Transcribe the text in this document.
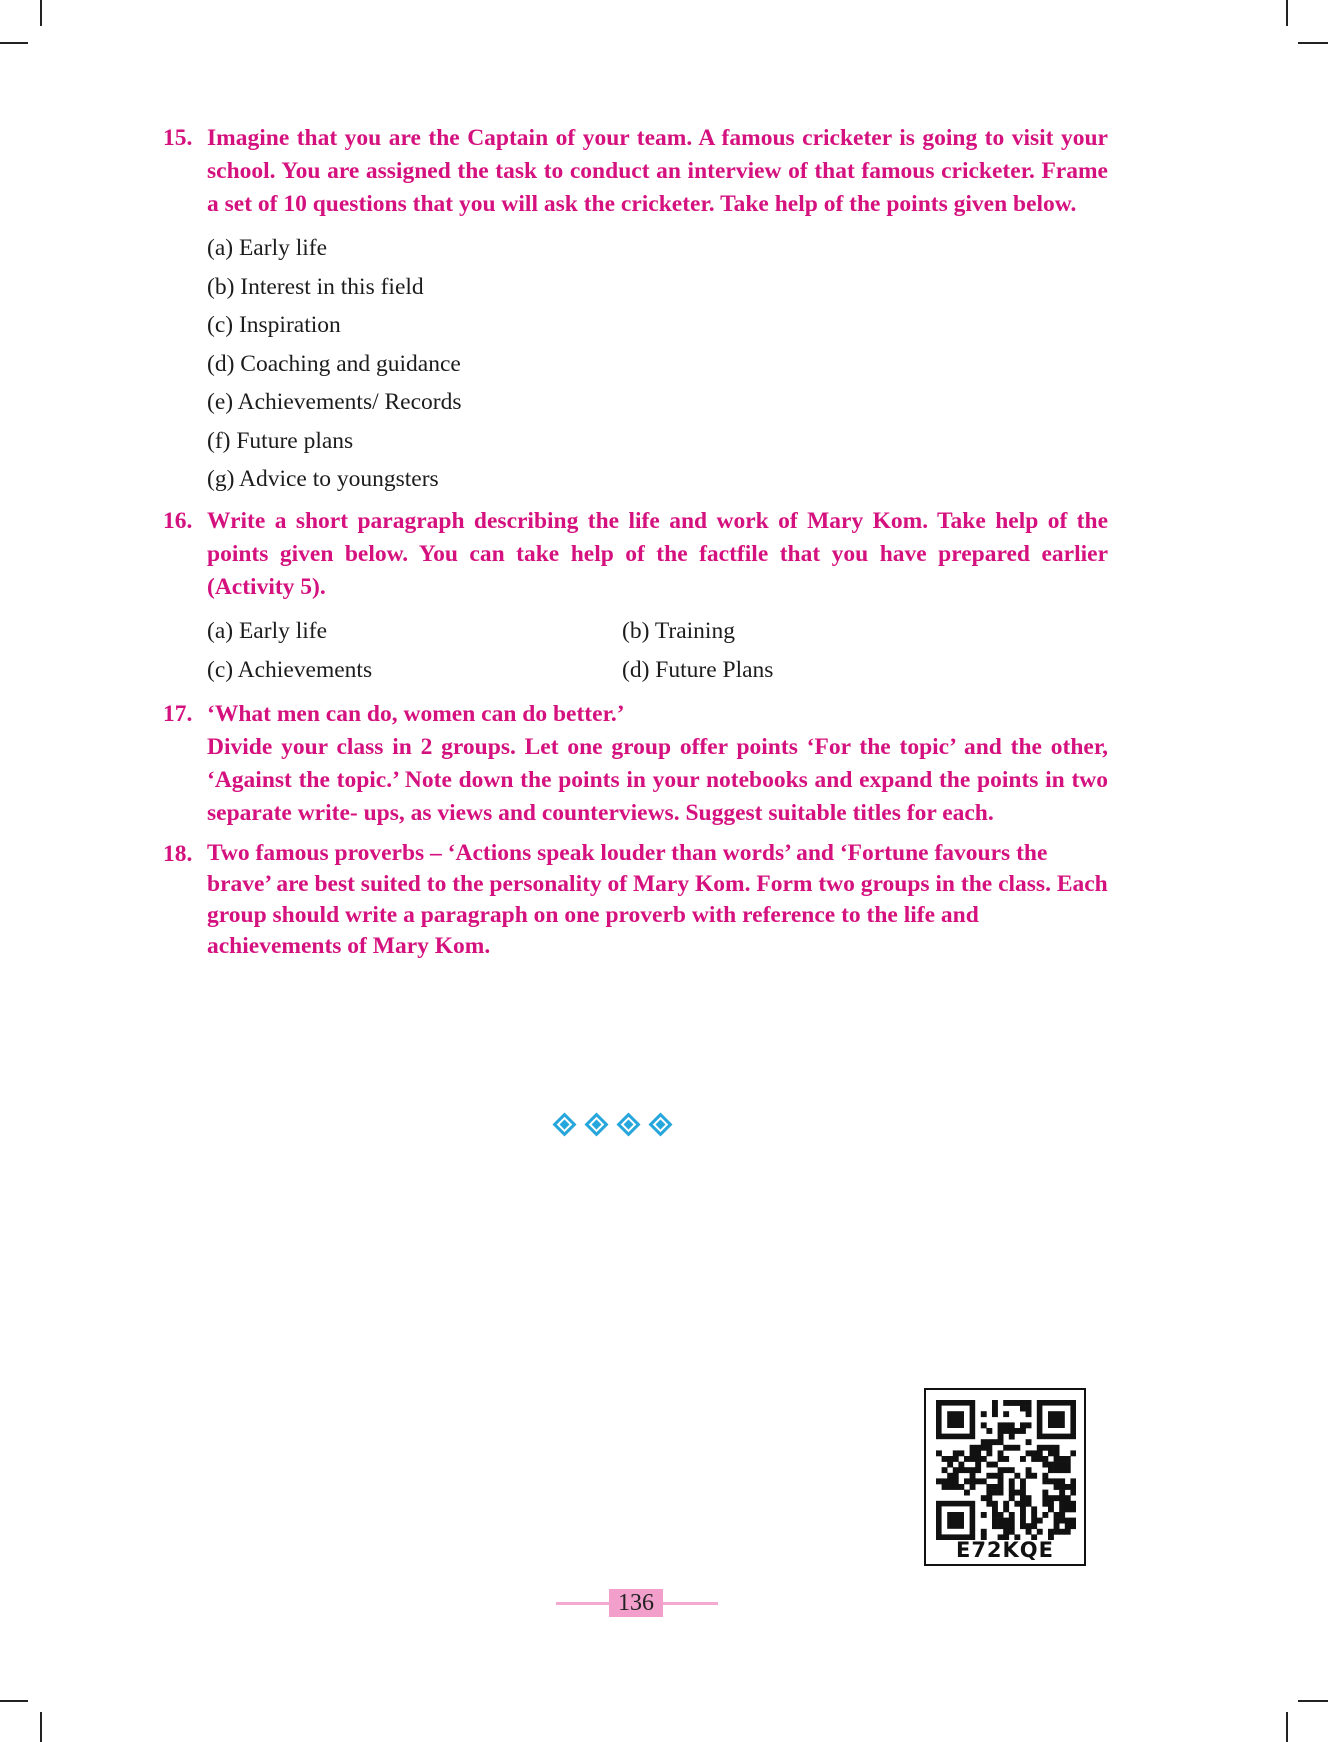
15. Imagine that you are the Captain of your team. A famous cricketer is going to visit your school. You are assigned the task to conduct an interview of that famous cricketer. Frame a set of 10 questions that you will ask the cricketer. Take help of the points given below.

(a) Early life
(b) Interest in this field
(c) Inspiration
(d) Coaching and guidance
(e) Achievements/ Records
(f) Future plans
(g) Advice to youngsters
16. Write a short paragraph describing the life and work of Mary Kom. Take help of the points given below. You can take help of the factfile that you have prepared earlier (Activity 5).

(a) Early life	(b) Training
(c) Achievements	(d) Future Plans
17. ‘What men can do, women can do better.’

Divide your class in 2 groups. Let one group offer points ‘For the topic’ and the other, ‘Against the topic.’ Note down the points in your notebooks and expand the points in two separate write- ups, as views and counterviews. Suggest suitable titles for each.

18. Two famous proverbs – ‘Actions speak louder than words’ and ‘Fortune favours the brave’ are best suited to the personality of Mary Kom. Form two groups in the class. Each group should write a paragraph on one proverb with reference to the life and achievements of Mary Kom.

E72KQE
136
